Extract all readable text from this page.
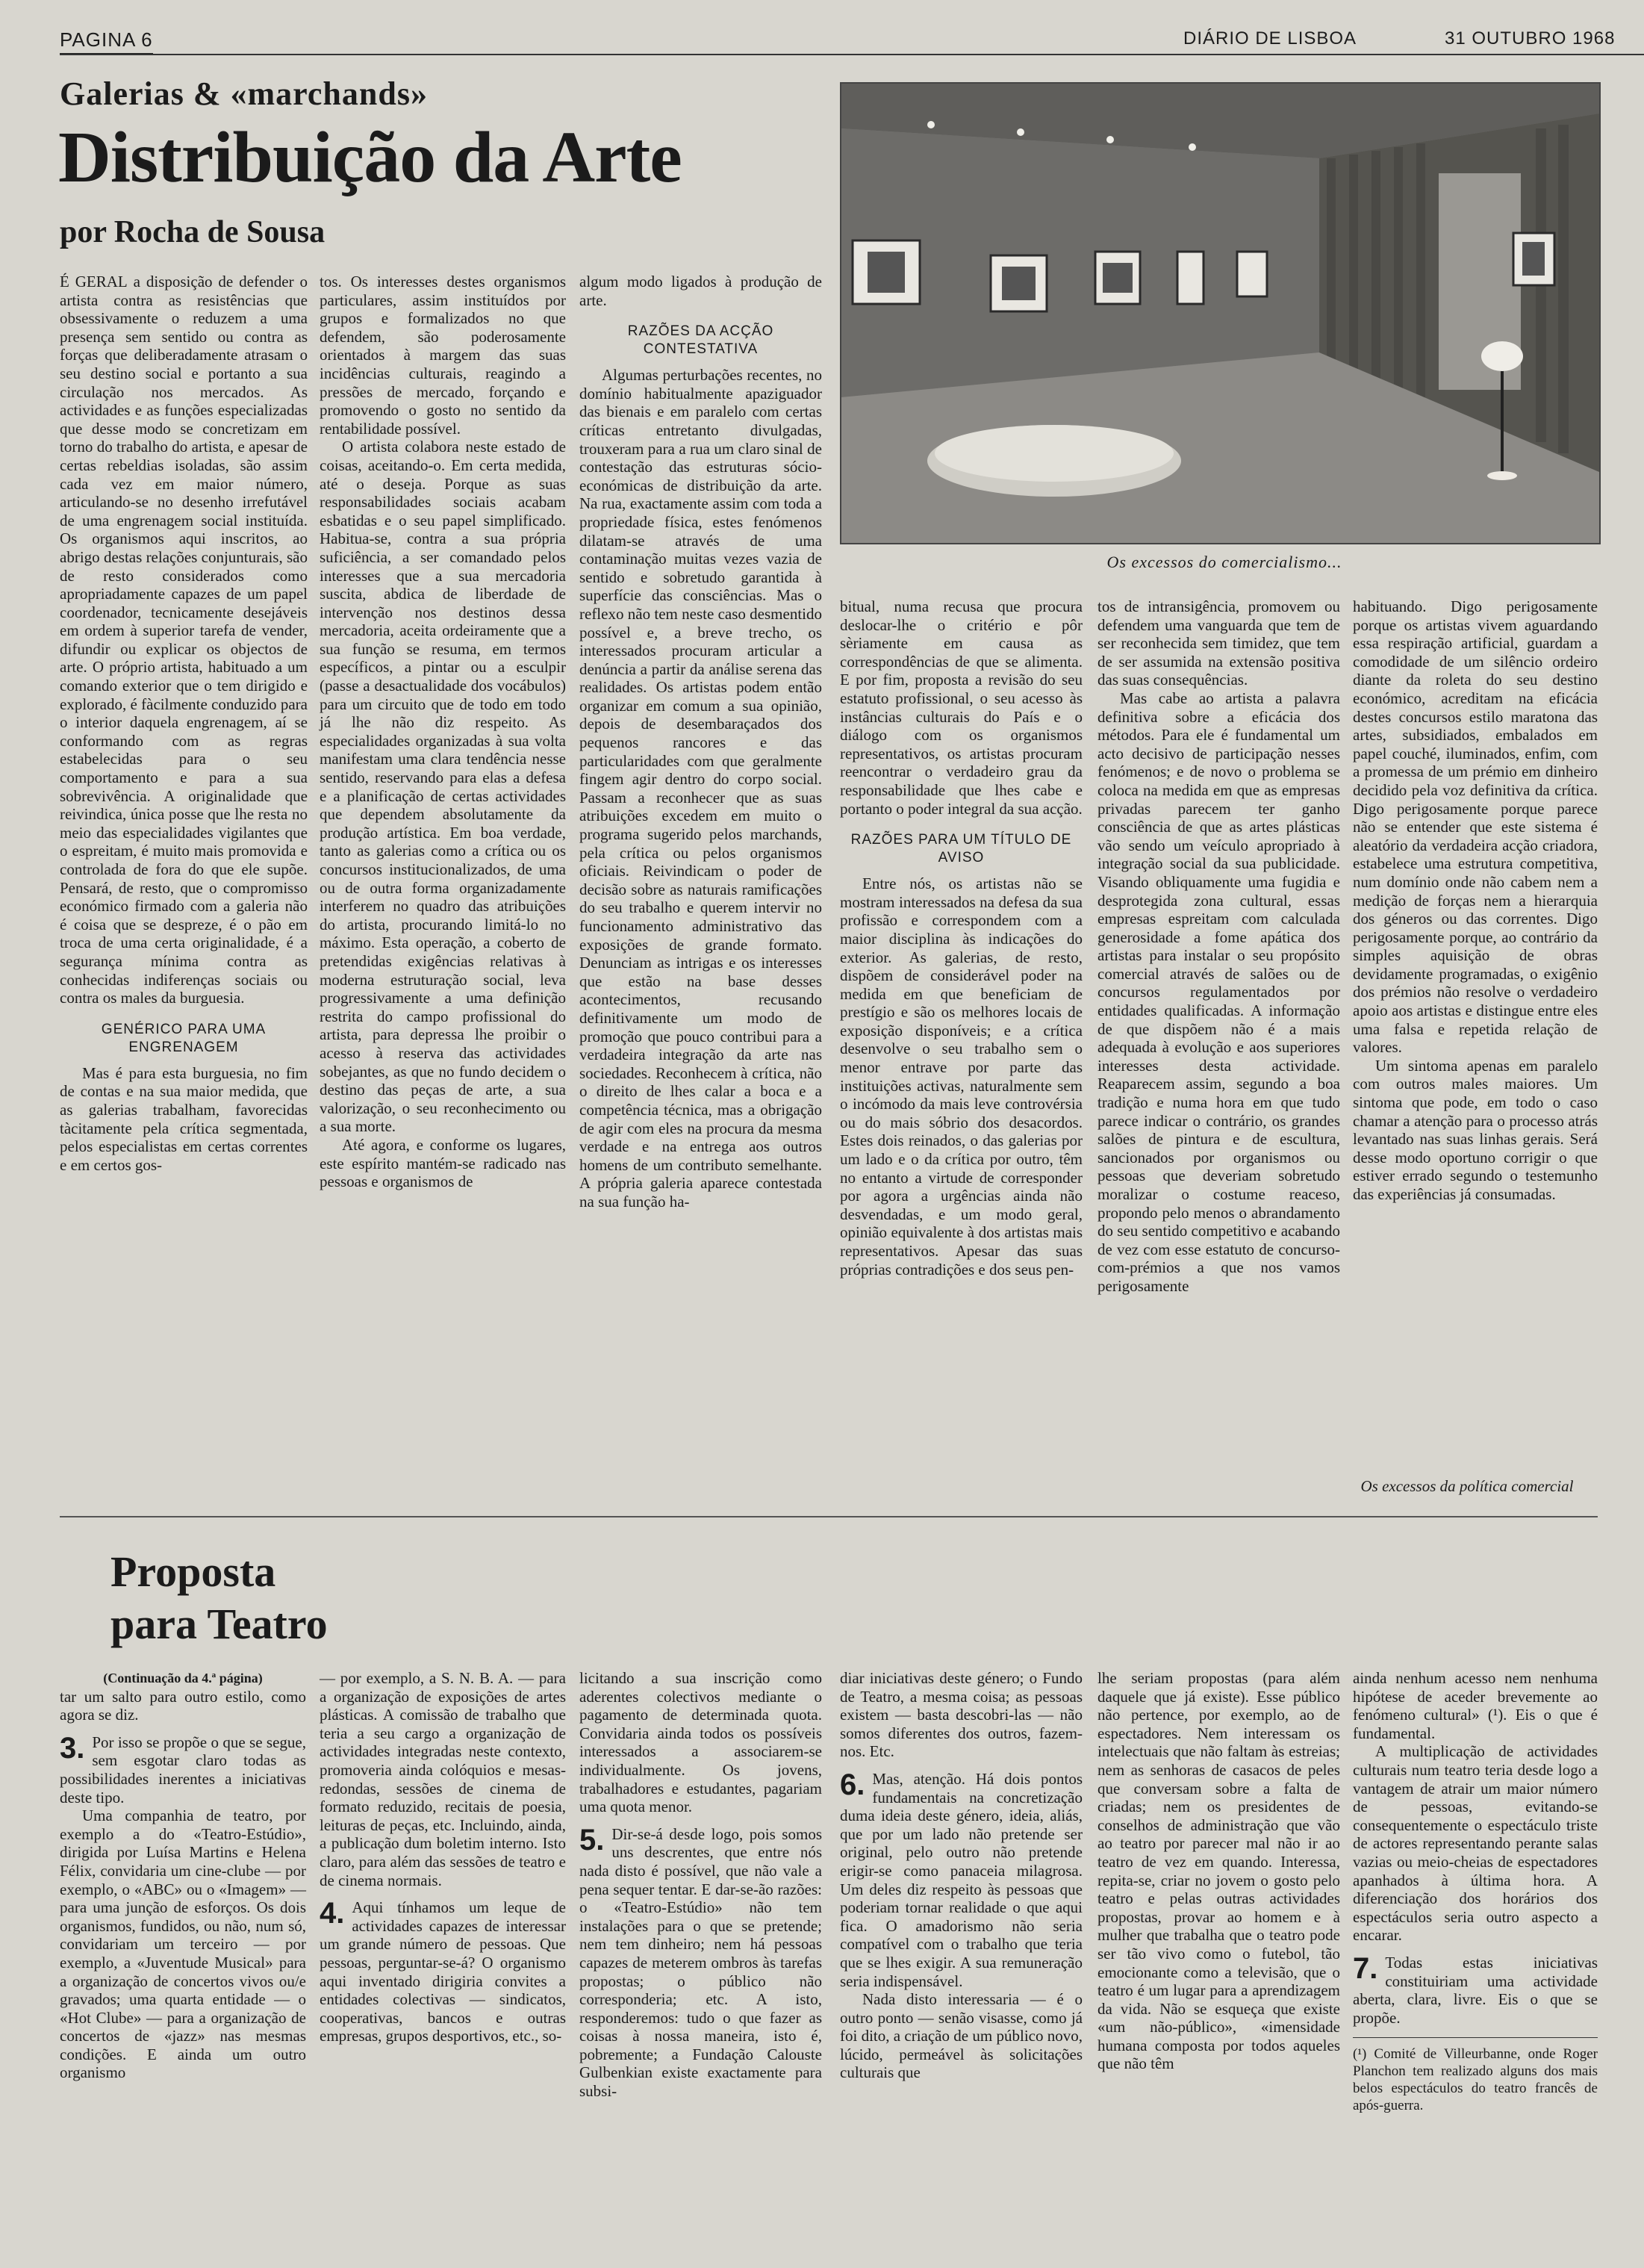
PAGINA 6	DIÁRIO DE LISBOA	31 OUTUBRO 1968
Galerias & «marchands»
Distribuição da Arte
por Rocha de Sousa
Os excessos do comercialismo...

É GERAL a disposição de defender o artista contra as resistências que obsessivamente o reduzem a uma presença sem sentido ou contra as forças que deliberadamente atrasam o seu destino social e portanto a sua circulação nos mercados. As actividades e as funções especializadas que desse modo se concretizam em torno do trabalho do artista, e apesar de certas rebeldias isoladas, são assim cada vez em maior número, articulando-se no desenho irrefutável de uma engrenagem social instituída. Os organismos aqui inscritos, ao abrigo destas relações conjunturais, são de resto considerados como apropriadamente capazes de um papel coordenador, tecnicamente desejáveis em ordem à superior tarefa de vender, difundir ou explicar os objectos de arte. O próprio artista, habituado a um comando exterior que o tem dirigido e explorado, é fàcilmente conduzido para o interior daquela engrenagem, aí se conformando com as regras estabelecidas para o seu comportamento e para a sua sobrevivência. A originalidade que reivindica, única posse que lhe resta no meio das especialidades vigilantes que o espreitam, é muito mais promovida e controlada de fora do que ele supõe. Pensará, de resto, que o compromisso económico firmado com a galeria não é coisa que se despreze, é o pão em troca de uma certa originalidade, é a segurança mínima contra as conhecidas indiferenças sociais ou contra os males da burguesia.

GENÉRICO PARA UMA ENGRENAGEM

Mas é para esta burguesia, no fim de contas e na sua maior medida, que as galerias trabalham, favorecidas tàcitamente pela crítica segmentada, pelos especialistas em certas correntes e em certos gos-

tos. Os interesses destes organismos particulares, assim instituídos por grupos e formalizados no que defendem, são poderosamente orientados à margem das suas incidências culturais, reagindo a pressões de mercado, forçando e promovendo o gosto no sentido da rentabilidade possível.

O artista colabora neste estado de coisas, aceitando-o. Em certa medida, até o deseja. Porque as suas responsabilidades sociais acabam esbatidas e o seu papel simplificado. Habitua-se, contra a sua própria suficiência, a ser comandado pelos interesses que a sua mercadoria suscita, abdica de liberdade de intervenção nos destinos dessa mercadoria, aceita ordeiramente que a sua função se resuma, em termos específicos, a pintar ou a esculpir (passe a desactualidade dos vocábulos) para um circuito que de todo em todo já lhe não diz respeito. As especialidades organizadas à sua volta manifestam uma clara tendência nesse sentido, reservando para elas a defesa e a planificação de certas actividades que dependem absolutamente da produção artística. Em boa verdade, tanto as galerias como a crítica ou os concursos institucionalizados, de uma ou de outra forma organizadamente interferem no quadro das atribuições do artista, procurando limitá-lo no máximo. Esta operação, a coberto de pretendidas exigências relativas à moderna estruturação social, leva progressivamente a uma definição restrita do campo profissional do artista, para depressa lhe proibir o acesso à reserva das actividades sobejantes, as que no fundo decidem o destino das peças de arte, a sua valorização, o seu reconhecimento ou a sua morte.

Até agora, e conforme os lugares, este espírito mantém-se radicado nas pessoas e organismos de

algum modo ligados à produção de arte.

RAZÕES DA ACÇÃO CONTESTATIVA

Algumas perturbações recentes, no domínio habitualmente apaziguador das bienais e em paralelo com certas críticas entretanto divulgadas, trouxeram para a rua um claro sinal de contestação das estruturas sócio-económicas de distribuição da arte. Na rua, exactamente assim com toda a propriedade física, estes fenómenos dilatam-se através de uma contaminação muitas vezes vazia de sentido e sobretudo garantida à superfície das consciências. Mas o reflexo não tem neste caso desmentido possível e, a breve trecho, os interessados procuram articular a denúncia a partir da análise serena das realidades. Os artistas podem então organizar em comum a sua opinião, depois de desembaraçados dos pequenos rancores e das particularidades com que geralmente fingem agir dentro do corpo social. Passam a reconhecer que as suas atribuições excedem em muito o programa sugerido pelos marchands, pela crítica ou pelos organismos oficiais. Reivindicam o poder de decisão sobre as naturais ramificações do seu trabalho e querem intervir no funcionamento administrativo das exposições de grande formato. Denunciam as intrigas e os interesses que estão na base desses acontecimentos, recusando definitivamente um modo de promoção que pouco contribui para a verdadeira integração da arte nas sociedades. Reconhecem à crítica, não o direito de lhes calar a boca e a competência técnica, mas a obrigação de agir com eles na procura da mesma verdade e na entrega aos outros homens de um contributo semelhante. A própria galeria aparece contestada na sua função ha-

bitual, numa recusa que procura deslocar-lhe o critério e pôr sèriamente em causa as correspondências de que se alimenta. E por fim, proposta a revisão do seu estatuto profissional, o seu acesso às instâncias culturais do País e o diálogo com os organismos representativos, os artistas procuram reencontrar o verdadeiro grau da responsabilidade que lhes cabe e portanto o poder integral da sua acção.

RAZÕES PARA UM TÍTULO DE AVISO

Entre nós, os artistas não se mostram interessados na defesa da sua profissão e correspondem com a maior disciplina às indicações do exterior. As galerias, de resto, dispõem de considerável poder na medida em que beneficiam de prestígio e são os melhores locais de exposição disponíveis; e a crítica desenvolve o seu trabalho sem o menor entrave por parte das instituições activas, naturalmente sem o incómodo da mais leve controvérsia ou do mais sóbrio dos desacordos. Estes dois reinados, o das galerias por um lado e o da crítica por outro, têm no entanto a virtude de corresponder por agora a urgências ainda não desvendadas, e um modo geral, opinião equivalente à dos artistas mais representativos. Apesar das suas próprias contradições e dos seus pen-

tos de intransigência, promovem ou defendem uma vanguarda que tem de ser reconhecida sem timidez, que tem de ser assumida na extensão positiva das suas consequências.

Mas cabe ao artista a palavra definitiva sobre a eficácia dos métodos. Para ele é fundamental um acto decisivo de participação nesses fenómenos; e de novo o problema se coloca na medida em que as empresas privadas parecem ter ganho consciência de que as artes plásticas vão sendo um veículo apropriado à integração social da sua publicidade. Visando obliquamente uma fugidia e desprotegida zona cultural, essas empresas espreitam com calculada generosidade a fome apática dos artistas para instalar o seu propósito comercial através de salões ou de concursos regulamentados por entidades qualificadas. A informação de que dispõem não é a mais adequada à evolução e aos superiores interesses desta actividade. Reaparecem assim, segundo a boa tradição e numa hora em que tudo parece indicar o contrário, os grandes salões de pintura e de escultura, sancionados por organismos ou pessoas que deveriam sobretudo moralizar o costume reaceso, propondo pelo menos o abrandamento do seu sentido competitivo e acabando de vez com esse estatuto de concurso-com-prémios a que nos vamos perigosamente

habituando. Digo perigosamente porque os artistas vivem aguardando essa respiração artificial, guardam a comodidade de um silêncio ordeiro diante da roleta do seu destino económico, acreditam na eficácia destes concursos estilo maratona das artes, subsidiados, embalados em papel couché, iluminados, enfim, com a promessa de um prémio em dinheiro decidido pela voz definitiva da crítica. Digo perigosamente porque parece não se entender que este sistema é aleatório da verdadeira acção criadora, estabelece uma estrutura competitiva, num domínio onde não cabem nem a medição de forças nem a hierarquia dos géneros ou das correntes. Digo perigosamente porque, ao contrário da simples aquisição de obras devidamente programadas, o exigênio dos prémios não resolve o verdadeiro apoio aos artistas e distingue entre eles uma falsa e repetida relação de valores.

Um sintoma apenas em paralelo com outros males maiores. Um sintoma que pode, em todo o caso chamar a atenção para o processo atrás levantado nas suas linhas gerais. Será desse modo oportuno corrigir o que estiver errado segundo o testemunho das experiências já consumadas.

Os excessos da política comercial
Proposta
para Teatro

(Continuação da 4.ª página)

tar um salto para outro estilo, como agora se diz.

3. Por isso se propõe o que se segue, sem esgotar claro todas as possibilidades inerentes a iniciativas deste tipo.

Uma companhia de teatro, por exemplo a do «Teatro-Estúdio», dirigida por Luísa Martins e Helena Félix, convidaria um cine-clube — por exemplo, o «ABC» ou o «Imagem» — para uma junção de esforços. Os dois organismos, fundidos, ou não, num só, convidariam um terceiro — por exemplo, a «Juventude Musical» para a organização de concertos vivos ou/e gravados; uma quarta entidade — o «Hot Clube» — para a organização de concertos de «jazz» nas mesmas condições. E ainda um outro organismo

— por exemplo, a S. N. B. A. — para a organização de exposições de artes plásticas. A comissão de trabalho que teria a seu cargo a organização de actividades integradas neste contexto, promoveria ainda colóquios e mesas-redondas, sessões de cinema de formato reduzido, recitais de poesia, leituras de peças, etc. Incluindo, ainda, a publicação dum boletim interno. Isto claro, para além das sessões de teatro e de cinema normais.

4. Aqui tínhamos um leque de actividades capazes de interessar um grande número de pessoas. Que pessoas, perguntar-se-á? O organismo aqui inventado dirigiria convites a entidades colectivas — sindicatos, cooperativas, bancos e outras empresas, grupos desportivos, etc., so-

licitando a sua inscrição como aderentes colectivos mediante o pagamento de determinada quota. Convidaria ainda todos os possíveis interessados a associarem-se individualmente. Os jovens, trabalhadores e estudantes, pagariam uma quota menor.

5. Dir-se-á desde logo, pois somos uns descrentes, que entre nós nada disto é possível, que não vale a pena sequer tentar. E dar-se-ão razões: o «Teatro-Estúdio» não tem instalações para o que se pretende; nem tem dinheiro; nem há pessoas capazes de meterem ombros às tarefas propostas; o público não corresponderia; etc. A isto, responderemos: tudo o que fazer as coisas à nossa maneira, isto é, pobremente; a Fundação Calouste Gulbenkian existe exactamente para subsi-

diar iniciativas deste género; o Fundo de Teatro, a mesma coisa; as pessoas existem — basta descobri-las — não somos diferentes dos outros, fazem-nos. Etc.

6. Mas, atenção. Há dois pontos fundamentais na concretização duma ideia deste género, ideia, aliás, que por um lado não pretende ser original, pelo outro não pretende erigir-se como panaceia milagrosa. Um deles diz respeito às pessoas que poderiam tornar realidade o que aqui fica. O amadorismo não seria compatível com o trabalho que teria que se lhes exigir. A sua remuneração seria indispensável.

Nada disto interessaria — é o outro ponto — senão visasse, como já foi dito, a criação de um público novo, lúcido, permeável às solicitações culturais que

lhe seriam propostas (para além daquele que já existe). Esse público não pertence, por exemplo, ao de espectadores. Nem interessam os intelectuais que não faltam às estreias; nem as senhoras de casacos de peles que conversam sobre a falta de criadas; nem os presidentes de conselhos de administração que vão ao teatro por parecer mal não ir ao teatro de vez em quando. Interessa, repita-se, criar no jovem o gosto pelo teatro e pelas outras actividades propostas, provar ao homem e à mulher que trabalha que o teatro pode ser tão vivo como o futebol, tão emocionante como a televisão, que o teatro é um lugar para a aprendizagem da vida. Não se esqueça que existe «um não-público», «imensidade humana composta por todos aqueles que não têm

ainda nenhum acesso nem nenhuma hipótese de aceder brevemente ao fenómeno cultural» (¹). Eis o que é fundamental.

A multiplicação de actividades culturais num teatro teria desde logo a vantagem de atrair um maior número de pessoas, evitando-se consequentemente o espectáculo triste de actores representando perante salas vazias ou meio-cheias de espectadores apanhados à última hora. A diferenciação dos horários dos espectáculos seria outro aspecto a encarar.

7. Todas estas iniciativas constituiriam uma actividade aberta, clara, livre. Eis o que se propõe.

(¹) Comité de Villeurbanne, onde Roger Planchon tem realizado alguns dos mais belos espectáculos do teatro francês de após-guerra.
